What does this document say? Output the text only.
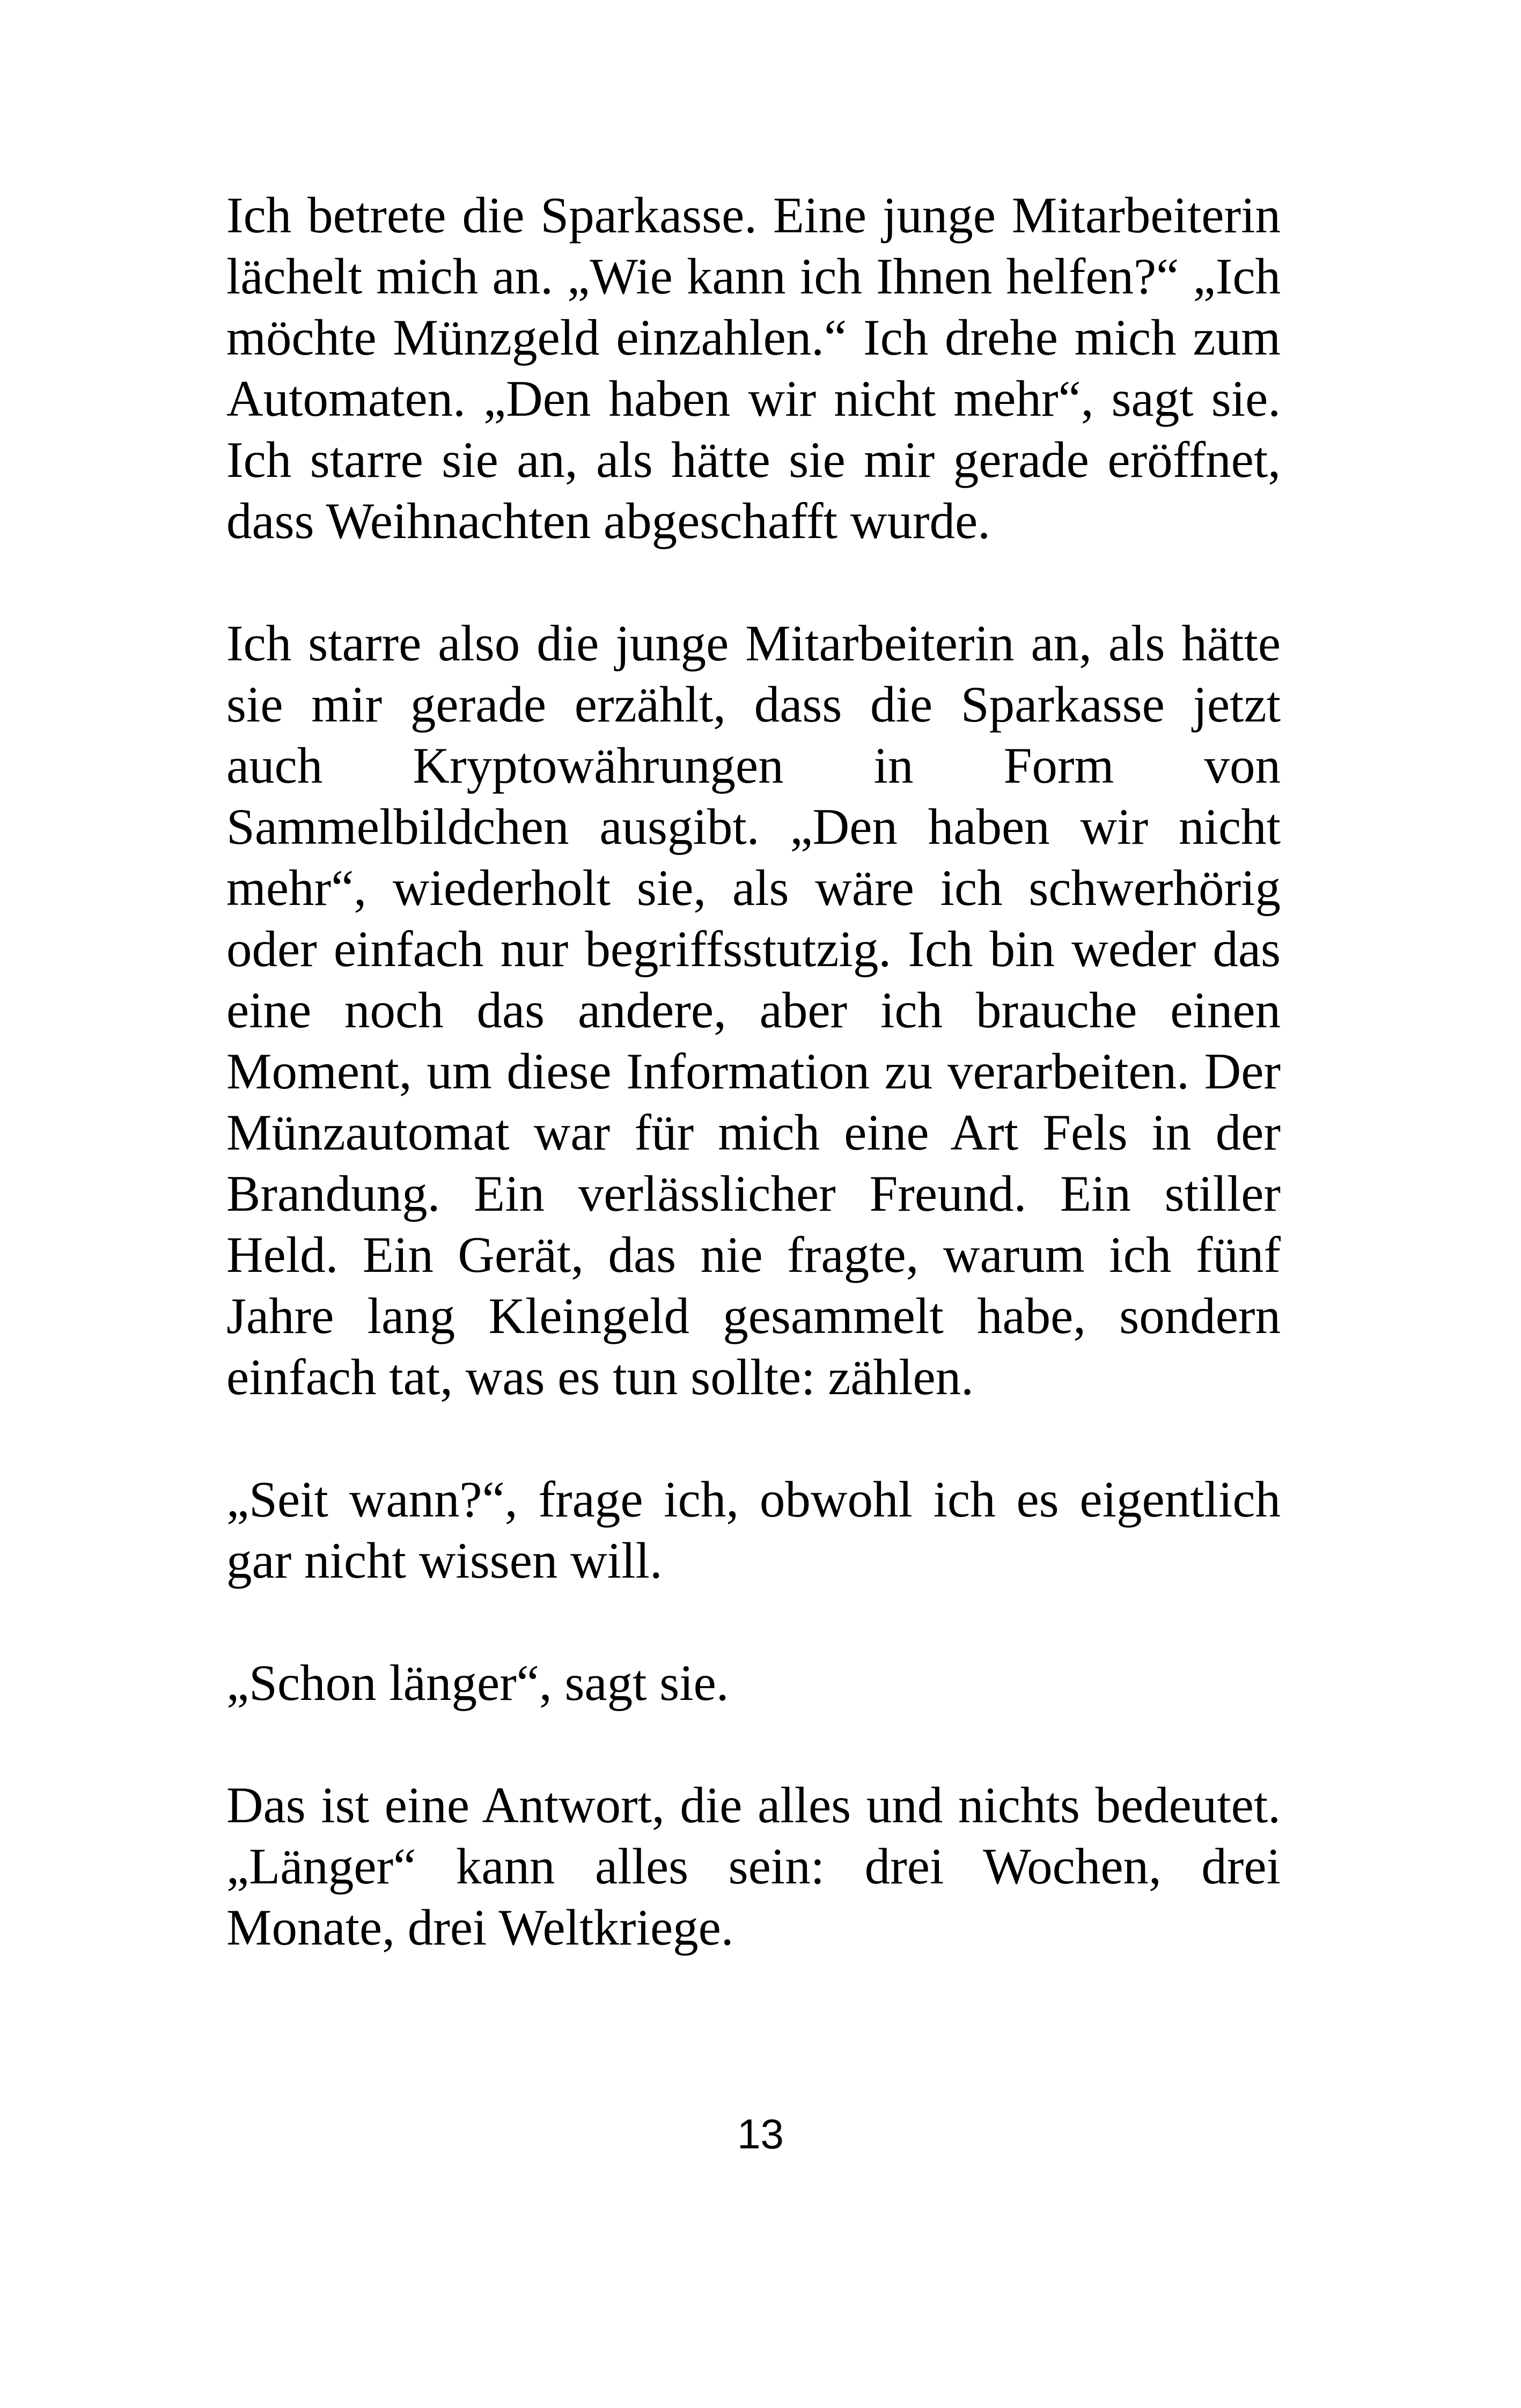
Ich betrete die Sparkasse. Eine junge Mitarbeiterin lächelt mich an. „Wie kann ich Ihnen helfen?“ „Ich möchte Münzgeld einzahlen.“ Ich drehe mich zum Automaten. „Den haben wir nicht mehr“, sagt sie. Ich starre sie an, als hätte sie mir gerade eröffnet, dass Weihnachten abgeschafft wurde.

Ich starre also die junge Mitarbeiterin an, als hätte sie mir gerade erzählt, dass die Sparkasse jetzt auch Kryptowährungen in Form von Sammelbildchen ausgibt. „Den haben wir nicht mehr“, wiederholt sie, als wäre ich schwerhörig oder einfach nur begriffsstutzig. Ich bin weder das eine noch das andere, aber ich brauche einen Moment, um diese Information zu verarbeiten. Der Münzautomat war für mich eine Art Fels in der Brandung. Ein verlässlicher Freund. Ein stiller Held. Ein Gerät, das nie fragte, warum ich fünf Jahre lang Kleingeld gesammelt habe, sondern einfach tat, was es tun sollte: zählen.

„Seit wann?“, frage ich, obwohl ich es eigentlich gar nicht wissen will.

„Schon länger“, sagt sie.

Das ist eine Antwort, die alles und nichts bedeutet. „Länger“ kann alles sein: drei Wochen, drei Monate, drei Weltkriege.

13
